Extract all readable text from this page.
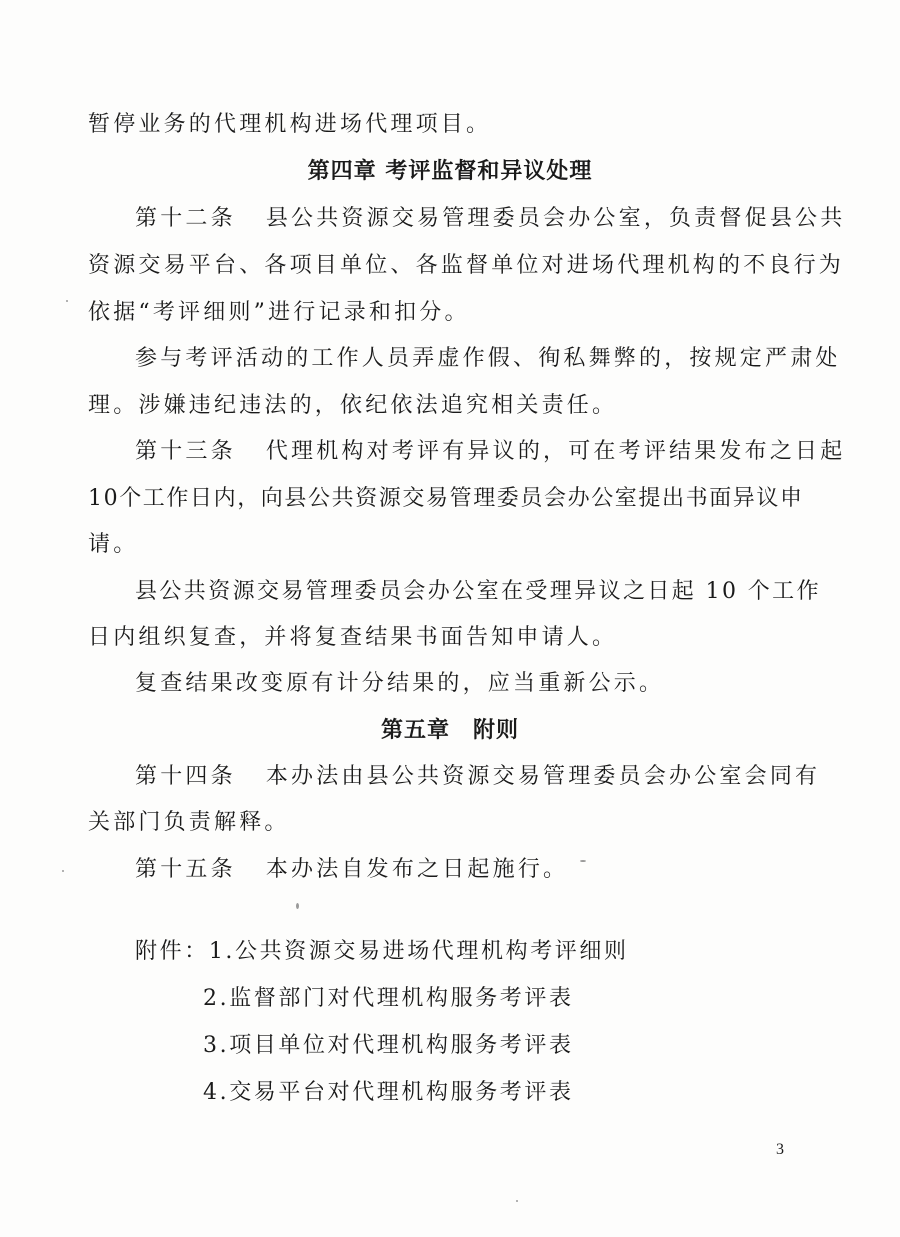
暂停业务的代理机构进场代理项目。
第四章 考评监督和异议处理
第十二条 县公共资源交易管理委员会办公室，负责督促县公共
资源交易平台、各项目单位、各监督单位对进场代理机构的不良行为
依据“考评细则”进行记录和扣分。
参与考评活动的工作人员弄虚作假、徇私舞弊的，按规定严肃处
理。涉嫌违纪违法的，依纪依法追究相关责任。
第十三条 代理机构对考评有异议的，可在考评结果发布之日起
10个工作日内，向县公共资源交易管理委员会办公室提出书面异议申
请。
县公共资源交易管理委员会办公室在受理异议之日起 10 个工作
日内组织复查，并将复查结果书面告知申请人。
复查结果改变原有计分结果的，应当重新公示。
第五章　附则
第十四条 本办法由县公共资源交易管理委员会办公室会同有
关部门负责解释。
第十五条 本办法自发布之日起施行。
附件：1.公共资源交易进场代理机构考评细则
2.监督部门对代理机构服务考评表
3.项目单位对代理机构服务考评表
4.交易平台对代理机构服务考评表
3
